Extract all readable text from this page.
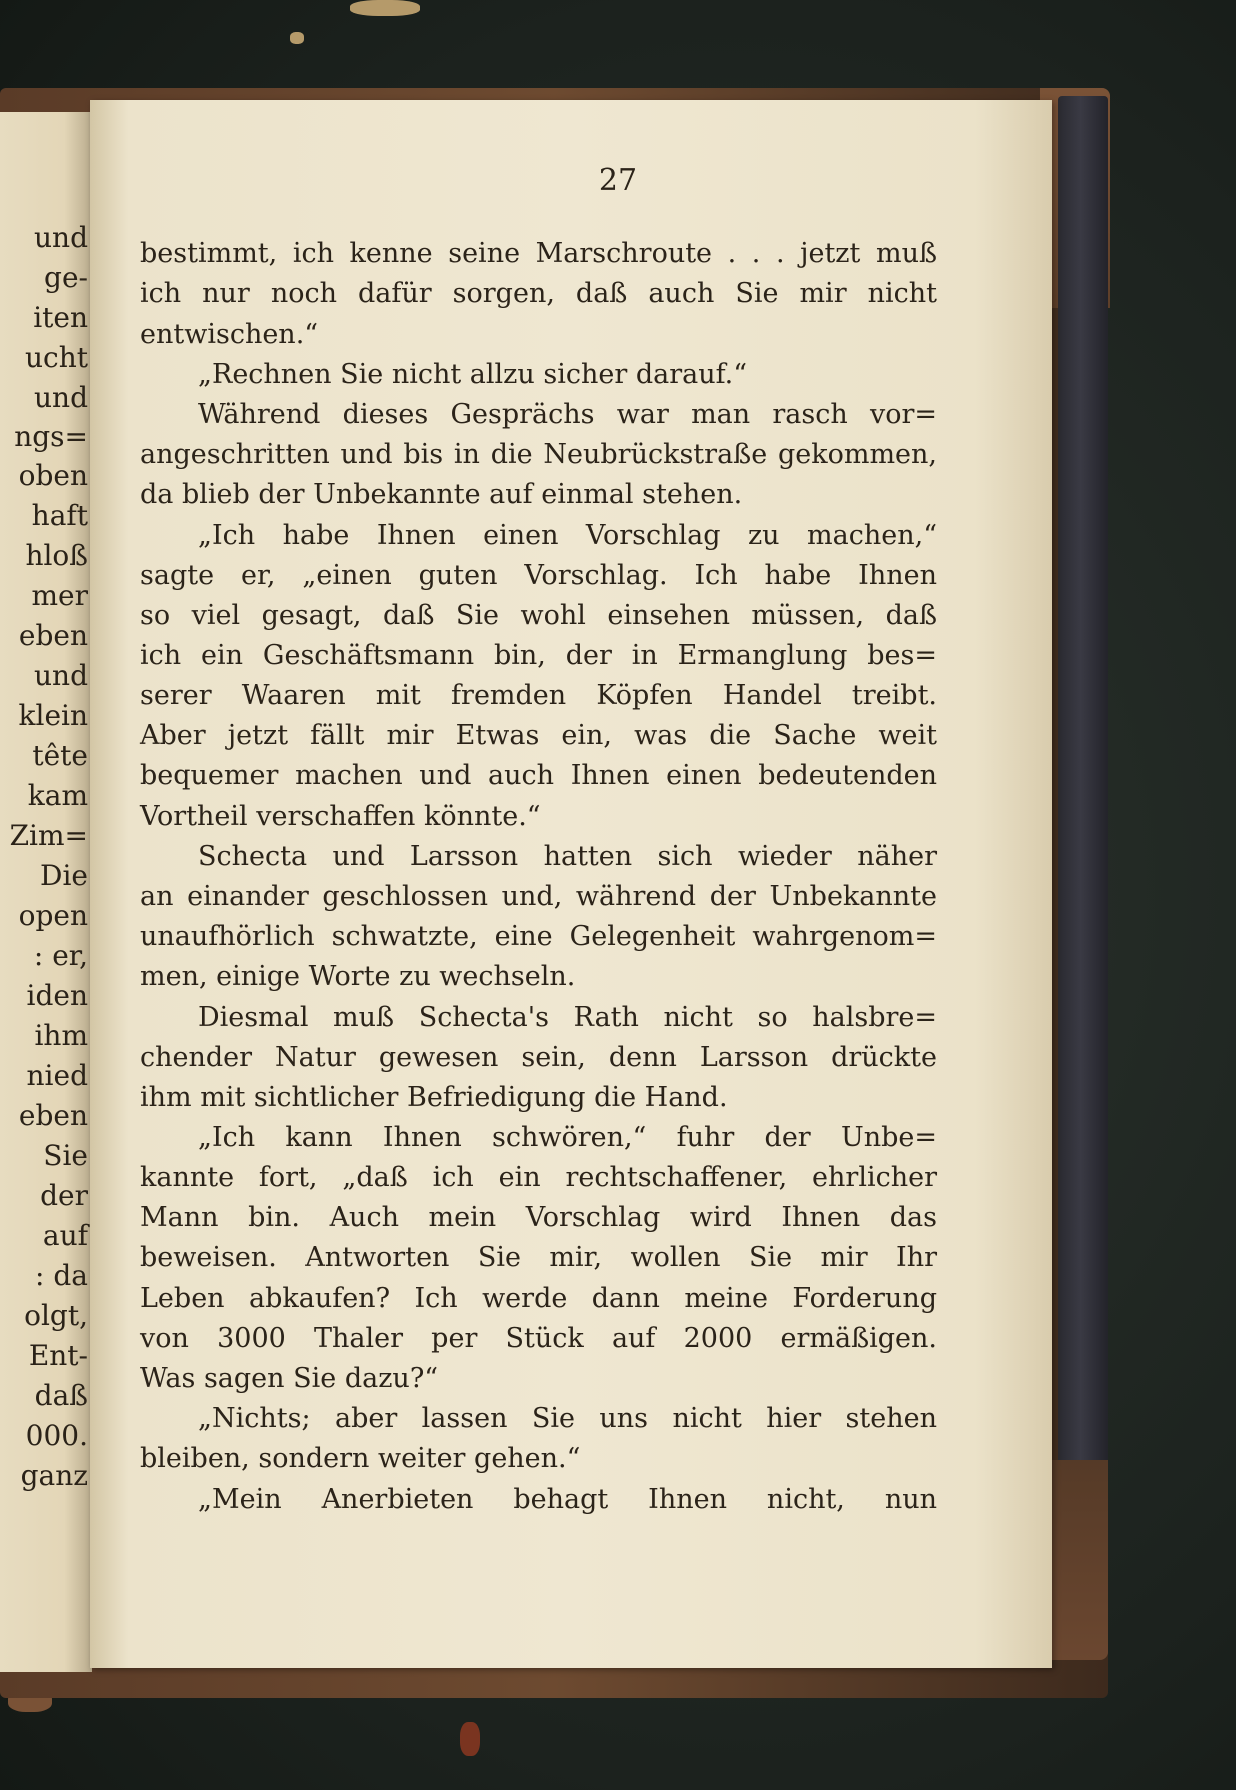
und
ge‑
iten
ucht
und
ngs=
oben
haft
hloß
mer
eben
und
klein
tête
kam
Zim=
Die
open
: er,
iden
ihm
nied
eben
Sie
der
auf
: da
olgt,
Ent‑
daß
000.
ganz
27
bestimmt, ich kenne seine Marschroute . . . jetzt muß
ich nur noch dafür sorgen, daß auch Sie mir nicht
entwischen.“
„Rechnen Sie nicht allzu sicher darauf.“
Während dieses Gesprächs war man rasch vor=
angeschritten und bis in die Neubrückstraße gekommen,
da blieb der Unbekannte auf einmal stehen.
„Ich habe Ihnen einen Vorschlag zu machen,“
sagte er, „einen guten Vorschlag. Ich habe Ihnen
so viel gesagt, daß Sie wohl einsehen müssen, daß
ich ein Geschäftsmann bin, der in Ermanglung bes=
serer Waaren mit fremden Köpfen Handel treibt.
Aber jetzt fällt mir Etwas ein, was die Sache weit
bequemer machen und auch Ihnen einen bedeutenden
Vortheil verschaffen könnte.“
Schecta und Larsson hatten sich wieder näher
an einander geschlossen und, während der Unbekannte
unaufhörlich schwatzte, eine Gelegenheit wahrgenom=
men, einige Worte zu wechseln.
Diesmal muß Schecta's Rath nicht so halsbre=
chender Natur gewesen sein, denn Larsson drückte
ihm mit sichtlicher Befriedigung die Hand.
„Ich kann Ihnen schwören,“ fuhr der Unbe=
kannte fort, „daß ich ein rechtschaffener, ehrlicher
Mann bin. Auch mein Vorschlag wird Ihnen das
beweisen. Antworten Sie mir, wollen Sie mir Ihr
Leben abkaufen? Ich werde dann meine Forderung
von 3000 Thaler per Stück auf 2000 ermäßigen.
Was sagen Sie dazu?“
„Nichts; aber lassen Sie uns nicht hier stehen
bleiben, sondern weiter gehen.“
„Mein Anerbieten behagt Ihnen nicht, nun
